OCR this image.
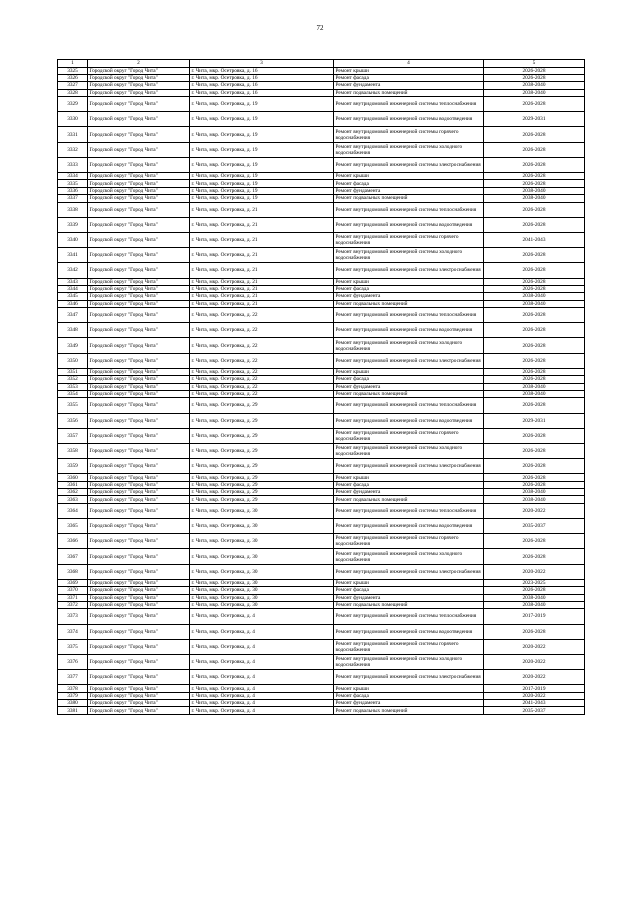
72
1	2	3	4	5
3325	Городской округ "Город Чита"	г. Чита, мкр. Осетровка, д. 16	Ремонт крыши	2026-2028
3326	Городской округ "Город Чита"	г. Чита, мкр. Осетровка, д. 16	Ремонт фасада	2026-2028
3327	Городской округ "Город Чита"	г. Чита, мкр. Осетровка, д. 16	Ремонт фундамента	2038-2040
3328	Городской округ "Город Чита"	г. Чита, мкр. Осетровка, д. 16	Ремонт подвальных помещений	2038-2040
3329	Городской округ "Город Чита"	г. Чита, мкр. Осетровка, д. 19	Ремонт внутридомовой инженерной системы теплоснабжения	2026-2028
3330	Городской округ "Город Чита"	г. Чита, мкр. Осетровка, д. 19	Ремонт внутридомовой инженерной системы водоотведения	2029-2031
3331	Городской округ "Город Чита"	г. Чита, мкр. Осетровка, д. 19	Ремонт внутридомовой инженерной системы горячего водоснабжения	2026-2028
3332	Городской округ "Город Чита"	г. Чита, мкр. Осетровка, д. 19	Ремонт внутридомовой инженерной системы холодного водоснабжения	2026-2028
3333	Городской округ "Город Чита"	г. Чита, мкр. Осетровка, д. 19	Ремонт внутридомовой инженерной системы электроснабжения	2026-2028
3334	Городской округ "Город Чита"	г. Чита, мкр. Осетровка, д. 19	Ремонт крыши	2026-2028
3335	Городской округ "Город Чита"	г. Чита, мкр. Осетровка, д. 19	Ремонт фасада	2026-2028
3336	Городской округ "Город Чита"	г. Чита, мкр. Осетровка, д. 19	Ремонт фундамента	2038-2040
3337	Городской округ "Город Чита"	г. Чита, мкр. Осетровка, д. 19	Ремонт подвальных помещений	2038-2040
3338	Городской округ "Город Чита"	г. Чита, мкр. Осетровка, д. 21	Ремонт внутридомовой инженерной системы теплоснабжения	2026-2028
3339	Городской округ "Город Чита"	г. Чита, мкр. Осетровка, д. 21	Ремонт внутридомовой инженерной системы водоотведения	2026-2028
3340	Городской округ "Город Чита"	г. Чита, мкр. Осетровка, д. 21	Ремонт внутридомовой инженерной системы горячего водоснабжения	2041-2043
3341	Городской округ "Город Чита"	г. Чита, мкр. Осетровка, д. 21	Ремонт внутридомовой инженерной системы холодного водоснабжения	2026-2028
3342	Городской округ "Город Чита"	г. Чита, мкр. Осетровка, д. 21	Ремонт внутридомовой инженерной системы электроснабжения	2026-2028
3343	Городской округ "Город Чита"	г. Чита, мкр. Осетровка, д. 21	Ремонт крыши	2026-2028
3344	Городской округ "Город Чита"	г. Чита, мкр. Осетровка, д. 21	Ремонт фасада	2026-2028
3345	Городской округ "Город Чита"	г. Чита, мкр. Осетровка, д. 21	Ремонт фундамента	2038-2040
3346	Городской округ "Город Чита"	г. Чита, мкр. Осетровка, д. 21	Ремонт подвальных помещений	2038-2040
3347	Городской округ "Город Чита"	г. Чита, мкр. Осетровка, д. 22	Ремонт внутридомовой инженерной системы теплоснабжения	2026-2028
3348	Городской округ "Город Чита"	г. Чита, мкр. Осетровка, д. 22	Ремонт внутридомовой инженерной системы водоотведения	2026-2028
3349	Городской округ "Город Чита"	г. Чита, мкр. Осетровка, д. 22	Ремонт внутридомовой инженерной системы холодного водоснабжения	2026-2028
3350	Городской округ "Город Чита"	г. Чита, мкр. Осетровка, д. 22	Ремонт внутридомовой инженерной системы электроснабжения	2026-2028
3351	Городской округ "Город Чита"	г. Чита, мкр. Осетровка, д. 22	Ремонт крыши	2026-2028
3352	Городской округ "Город Чита"	г. Чита, мкр. Осетровка, д. 22	Ремонт фасада	2026-2028
3353	Городской округ "Город Чита"	г. Чита, мкр. Осетровка, д. 22	Ремонт фундамента	2038-2040
3354	Городской округ "Город Чита"	г. Чита, мкр. Осетровка, д. 22	Ремонт подвальных помещений	2038-2040
3355	Городской округ "Город Чита"	г. Чита, мкр. Осетровка, д. 29	Ремонт внутридомовой инженерной системы теплоснабжения	2026-2028
3356	Городской округ "Город Чита"	г. Чита, мкр. Осетровка, д. 29	Ремонт внутридомовой инженерной системы водоотведения	2029-2031
3357	Городской округ "Город Чита"	г. Чита, мкр. Осетровка, д. 29	Ремонт внутридомовой инженерной системы горячего водоснабжения	2026-2028
3358	Городской округ "Город Чита"	г. Чита, мкр. Осетровка, д. 29	Ремонт внутридомовой инженерной системы холодного водоснабжения	2026-2028
3359	Городской округ "Город Чита"	г. Чита, мкр. Осетровка, д. 29	Ремонт внутридомовой инженерной системы электроснабжения	2026-2028
3360	Городской округ "Город Чита"	г. Чита, мкр. Осетровка, д. 29	Ремонт крыши	2026-2028
3361	Городской округ "Город Чита"	г. Чита, мкр. Осетровка, д. 29	Ремонт фасада	2026-2028
3362	Городской округ "Город Чита"	г. Чита, мкр. Осетровка, д. 29	Ремонт фундамента	2038-2040
3363	Городской округ "Город Чита"	г. Чита, мкр. Осетровка, д. 29	Ремонт подвальных помещений	2038-2040
3364	Городской округ "Город Чита"	г. Чита, мкр. Осетровка, д. 30	Ремонт внутридомовой инженерной системы теплоснабжения	2020-2022
3365	Городской округ "Город Чита"	г. Чита, мкр. Осетровка, д. 30	Ремонт внутридомовой инженерной системы водоотведения	2035-2037
3366	Городской округ "Город Чита"	г. Чита, мкр. Осетровка, д. 30	Ремонт внутридомовой инженерной системы горячего водоснабжения	2026-2028
3367	Городской округ "Город Чита"	г. Чита, мкр. Осетровка, д. 30	Ремонт внутридомовой инженерной системы холодного водоснабжения	2026-2028
3368	Городской округ "Город Чита"	г. Чита, мкр. Осетровка, д. 30	Ремонт внутридомовой инженерной системы электроснабжения	2020-2022
3369	Городской округ "Город Чита"	г. Чита, мкр. Осетровка, д. 30	Ремонт крыши	2023-2025
3370	Городской округ "Город Чита"	г. Чита, мкр. Осетровка, д. 30	Ремонт фасада	2026-2028
3371	Городской округ "Город Чита"	г. Чита, мкр. Осетровка, д. 30	Ремонт фундамента	2038-2040
3372	Городской округ "Город Чита"	г. Чита, мкр. Осетровка, д. 30	Ремонт подвальных помещений	2038-2040
3373	Городской округ "Город Чита"	г. Чита, мкр. Осетровка, д. 4	Ремонт внутридомовой инженерной системы теплоснабжения	2017-2019
3374	Городской округ "Город Чита"	г. Чита, мкр. Осетровка, д. 4	Ремонт внутридомовой инженерной системы водоотведения	2026-2028
3375	Городской округ "Город Чита"	г. Чита, мкр. Осетровка, д. 4	Ремонт внутридомовой инженерной системы горячего водоснабжения	2020-2022
3376	Городской округ "Город Чита"	г. Чита, мкр. Осетровка, д. 4	Ремонт внутридомовой инженерной системы холодного водоснабжения	2020-2022
3377	Городской округ "Город Чита"	г. Чита, мкр. Осетровка, д. 4	Ремонт внутридомовой инженерной системы электроснабжения	2020-2022
3378	Городской округ "Город Чита"	г. Чита, мкр. Осетровка, д. 4	Ремонт крыши	2017-2019
3379	Городской округ "Город Чита"	г. Чита, мкр. Осетровка, д. 4	Ремонт фасада	2020-2022
3380	Городской округ "Город Чита"	г. Чита, мкр. Осетровка, д. 4	Ремонт фундамента	2041-2043
3381	Городской округ "Город Чита"	г. Чита, мкр. Осетровка, д. 4	Ремонт подвальных помещений	2035-2037
